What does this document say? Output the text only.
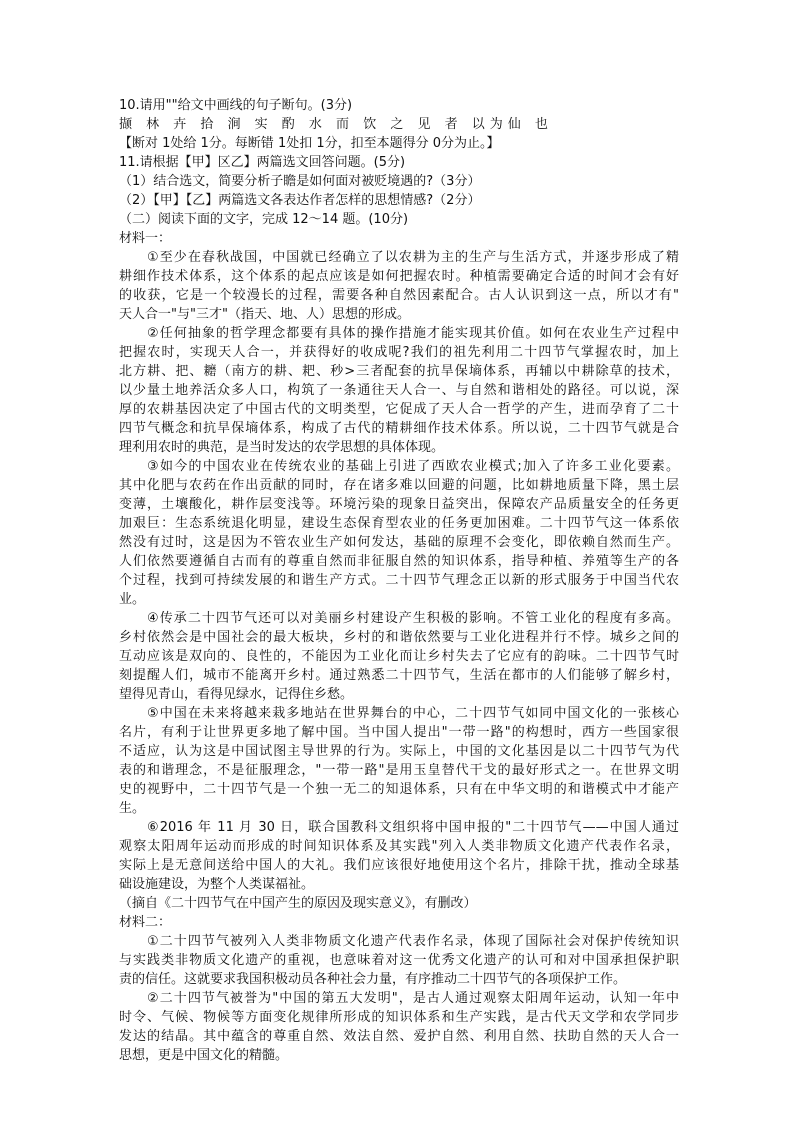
10.请用""给文中画线的句子断句。(3分)
撷 林 卉 拾 涧 实 酌 水 而 饮 之 见 者 以为仙 也
【断对 1处给 1分。每断错 1处扣 1分，扣至本题得分 0分为止。】
11.请根据【甲】区乙】两篇选文回答问题。(5分)
（1）结合选文，简要分析子瞻是如何面对被贬境遇的?（3分）
（2）【甲】【乙】两篇选文各表达作者怎样的思想情感?（2分）
（二）阅读下面的文字，完成 12～14 题。(10分)
材料一：
①至少在春秋战国，中国就已经确立了以农耕为主的生产与生活方式，并逐步形成了精
耕细作技术体系，这个体系的起点应该是如何把握农时。种植需要确定合适的时间才会有好
的收获，它是一个较漫长的过程，需要各种自然因素配合。古人认识到这一点，所以才有"
天人合一"与"三才"（指天、地、人）思想的形成。
②任何抽象的哲学理念都要有具体的操作措施才能实现其价值。如何在农业生产过程中
把握农时，实现天人合一，并获得好的收成呢?我们的祖先利用二十四节气掌握农时，加上
北方耕、把、耱（南方的耕、耙、秒>三者配套的抗旱保墒体系，再辅以中耕除草的技术，
以少量土地养活众多人口，构筑了一条通往天人合一、与自然和谐相处的路径。可以说，深
厚的农耕基因决定了中国古代的文明类型，它促成了天人合一哲学的产生，进而孕育了二十
四节气概念和抗旱保墒体系，构成了古代的精耕细作技术体系。所以说，二十四节气就是合
理利用农时的典范，是当时发达的农学思想的具体体现。
③如今的中国农业在传统农业的基础上引进了西欧农业模式;加入了许多工业化要素。
其中化肥与农药在作出贡献的同时，存在诸多难以回避的问题，比如耕地质量下降，黑土层
变薄，土壤酸化，耕作层变浅等。环境污染的现象日益突出，保障农产品质量安全的任务更
加艰巨：生态系统退化明显，建设生态保育型农业的任务更加困难。二十四节气这一体系依
然没有过时，这是因为不管农业生产如何发达，基础的原理不会变化，即依赖自然而生产。
人们依然要遵循自古而有的尊重自然而非征服自然的知识体系，指导种植、养殖等生产的各
个过程，找到可持续发展的和谐生产方式。二十四节气理念正以新的形式服务于中国当代农
业。
④传承二十四节气还可以对美丽乡村建设产生积极的影响。不管工业化的程度有多高。
乡村依然会是中国社会的最大板块，乡村的和谐依然要与工业化进程并行不悖。城乡之间的
互动应该是双向的、良性的，不能因为工业化而让乡村失去了它应有的韵味。二十四节气时
刻提醒人们，城市不能离开乡村。通过熟悉二十四节气，生活在都市的人们能够了解乡村，
望得见青山，看得见绿水，记得住乡愁。
⑤中国在未来将越来栽多地站在世界舞台的中心，二十四节气如同中国文化的一张核心
名片，有利于让世界更多地了解中国。当中国人提出"一带一路"的构想时，西方一些国家很
不适应，认为这是中国试图主导世界的行为。实际上，中国的文化基因是以二十四节气为代
表的和谐理念，不是征服理念，"一带一路"是用玉皇替代干戈的最好形式之一。在世界文明
史的视野中，二十四节气是一个独一无二的知退体系，只有在中华文明的和谐模式中才能产
生。
⑥2016 年 11 月 30 日，联合国教科文组织将中国申报的"二十四节气——中国人通过
观察太阳周年运动而形成的时间知识体系及其实践"列入人类非物质文化遗产代表作名录，
实际上是无意间送给中国人的大礼。我们应该很好地使用这个名片，排除干扰，推动全球基
础设施建设，为整个人类谋福祉。
（摘自《二十四节气在中国产生的原因及现实意义》，有删改）
材料二：
①二十四节气被列入人类非物质文化遗产代表作名录，体现了国际社会对保护传统知识
与实践类非物质文化遗产的重视，也意味着对这一优秀文化遗产的认可和对中国承担保护职
责的信任。这就要求我国积极动员各种社会力量，有序推动二十四节气的各项保护工作。
②二十四节气被誉为"中国的第五大发明"，是古人通过观察太阳周年运动，认知一年中
时令、气候、物候等方面变化规律所形成的知识体系和生产实践，是古代天文学和农学同步
发达的结晶。其中蕴含的尊重自然、效法自然、爱护自然、利用自然、扶助自然的天人合一
思想，更是中国文化的精髓。
